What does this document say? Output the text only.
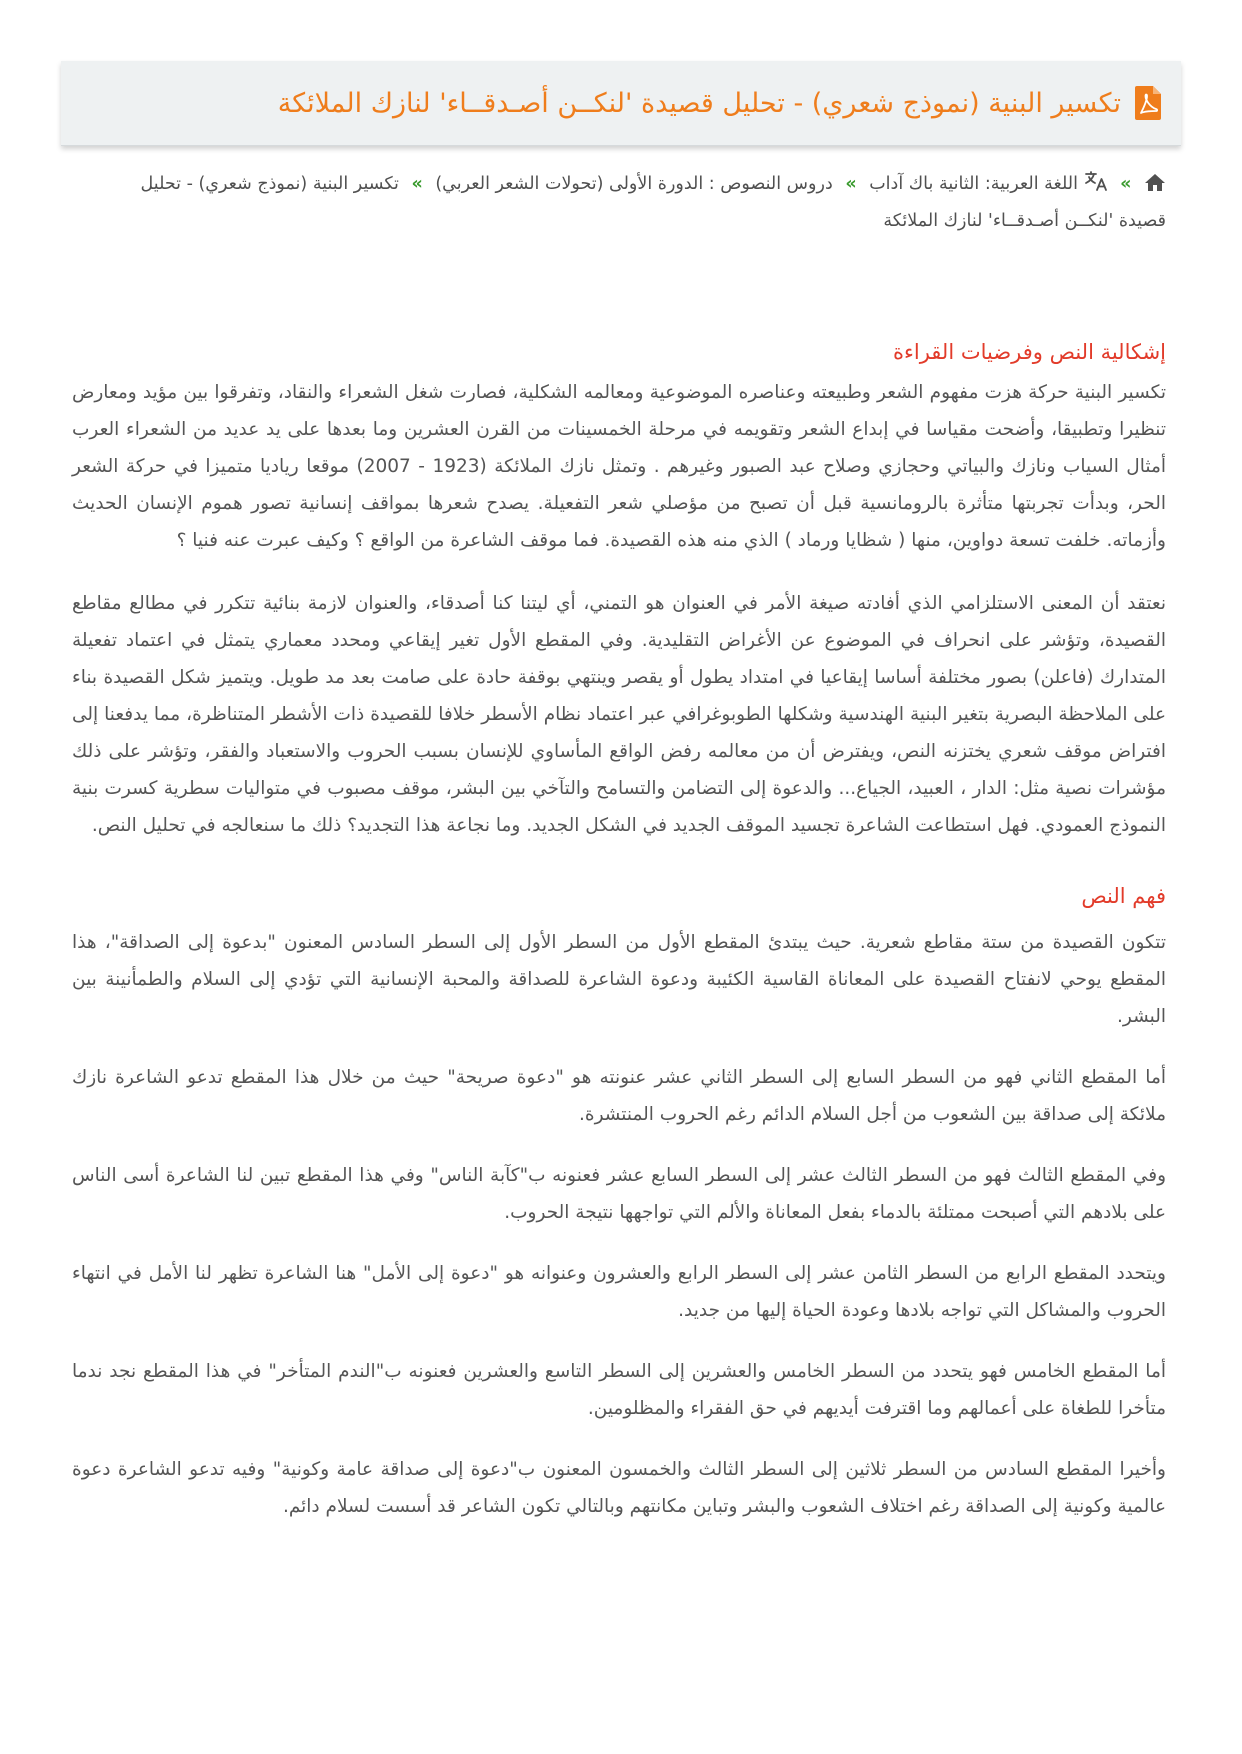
تكسير البنية (نموذج شعري) - تحليل قصيدة 'لنكــن أصـدقــاء' لنازك الملائكة
»  اللغة العربية: الثانية باك آداب » دروس النصوص : الدورة الأولى (تحولات الشعر العربي) » تكسير البنية (نموذج شعري) - تحليل قصيدة 'لنكــن أصـدقــاء' لنازك الملائكة
إشكالية النص وفرضيات القراءة

تكسير البنية حركة هزت مفهوم الشعر وطبيعته وعناصره الموضوعية ومعالمه الشكلية، فصارت شغل الشعراء والنقاد، وتفرقوا بين مؤيد ومعارض تنظيرا وتطبيقا، وأضحت مقياسا في إبداع الشعر وتقويمه في مرحلة الخمسينات من القرن العشرين وما بعدها على يد عديد من الشعراء العرب أمثال السياب ونازك والبياتي وحجازي وصلاح عبد الصبور وغيرهم . وتمثل نازك الملائكة (1923 - 2007) موقعا رياديا متميزا في حركة الشعر الحر، وبدأت تجربتها متأثرة بالرومانسية قبل أن تصبح من مؤصلي شعر التفعيلة. يصدح شعرها بمواقف إنسانية تصور هموم الإنسان الحديث وأزماته. خلفت تسعة دواوين، منها ( شظايا ورماد ) الذي منه هذه القصيدة. فما موقف الشاعرة من الواقع ؟ وكيف عبرت عنه فنيا ؟

نعتقد أن المعنى الاستلزامي الذي أفادته صيغة الأمر في العنوان هو التمني، أي ليتنا كنا أصدقاء، والعنوان لازمة بنائية تتكرر في مطالع مقاطع القصيدة، وتؤشر على انحراف في الموضوع عن الأغراض التقليدية. وفي المقطع الأول تغير إيقاعي ومحدد معماري يتمثل في اعتماد تفعيلة المتدارك (فاعلن) بصور مختلفة أساسا إيقاعيا في امتداد يطول أو يقصر وينتهي بوقفة حادة على صامت بعد مد طويل. ويتميز شكل القصيدة بناء على الملاحظة البصرية بتغير البنية الهندسية وشكلها الطوبوغرافي عبر اعتماد نظام الأسطر خلافا للقصيدة ذات الأشطر المتناظرة، مما يدفعنا إلى افتراض موقف شعري يختزنه النص، ويفترض أن من معالمه رفض الواقع المأساوي للإنسان بسبب الحروب والاستعباد والفقر، وتؤشر على ذلك مؤشرات نصية مثل: الدار ، العبيد، الجياع... والدعوة إلى التضامن والتسامح والتآخي بين البشر، موقف مصبوب في متواليات سطرية كسرت بنية النموذج العمودي. فهل استطاعت الشاعرة تجسيد الموقف الجديد في الشكل الجديد. وما نجاعة هذا التجديد؟ ذلك ما سنعالجه في تحليل النص.

فهم النص

تتكون القصيدة من ستة مقاطع شعرية. حيث يبتدئ المقطع الأول من السطر الأول إلى السطر السادس المعنون "بدعوة إلى الصداقة"، هذا المقطع يوحي لانفتاح القصيدة على المعاناة القاسية الكئيبة ودعوة الشاعرة للصداقة والمحبة الإنسانية التي تؤدي إلى السلام والطمأنينة بين البشر.

أما المقطع الثاني فهو من السطر السابع إلى السطر الثاني عشر عنونته هو "دعوة صريحة" حيث من خلال هذا المقطع تدعو الشاعرة نازك ملائكة إلى صداقة بين الشعوب من أجل السلام الدائم رغم الحروب المنتشرة.

وفي المقطع الثالث فهو من السطر الثالث عشر إلى السطر السابع عشر فعنونه ب"كآبة الناس" وفي هذا المقطع تبين لنا الشاعرة أسى الناس على بلادهم التي أصبحت ممتلئة بالدماء بفعل المعاناة والألم التي تواجهها نتيجة الحروب.

ويتحدد المقطع الرابع من السطر الثامن عشر إلى السطر الرابع والعشرون وعنوانه هو "دعوة إلى الأمل" هنا الشاعرة تظهر لنا الأمل في انتهاء الحروب والمشاكل التي تواجه بلادها وعودة الحياة إليها من جديد.

أما المقطع الخامس فهو يتحدد من السطر الخامس والعشرين إلى السطر التاسع والعشرين فعنونه ب"الندم المتأخر" في هذا المقطع نجد ندما متأخرا للطغاة على أعمالهم وما اقترفت أيديهم في حق الفقراء والمظلومين.

وأخيرا المقطع السادس من السطر ثلاثين إلى السطر الثالث والخمسون المعنون ب"دعوة إلى صداقة عامة وكونية" وفيه تدعو الشاعرة دعوة عالمية وكونية إلى الصداقة رغم اختلاف الشعوب والبشر وتباين مكانتهم وبالتالي تكون الشاعر قد أسست لسلام دائم.
